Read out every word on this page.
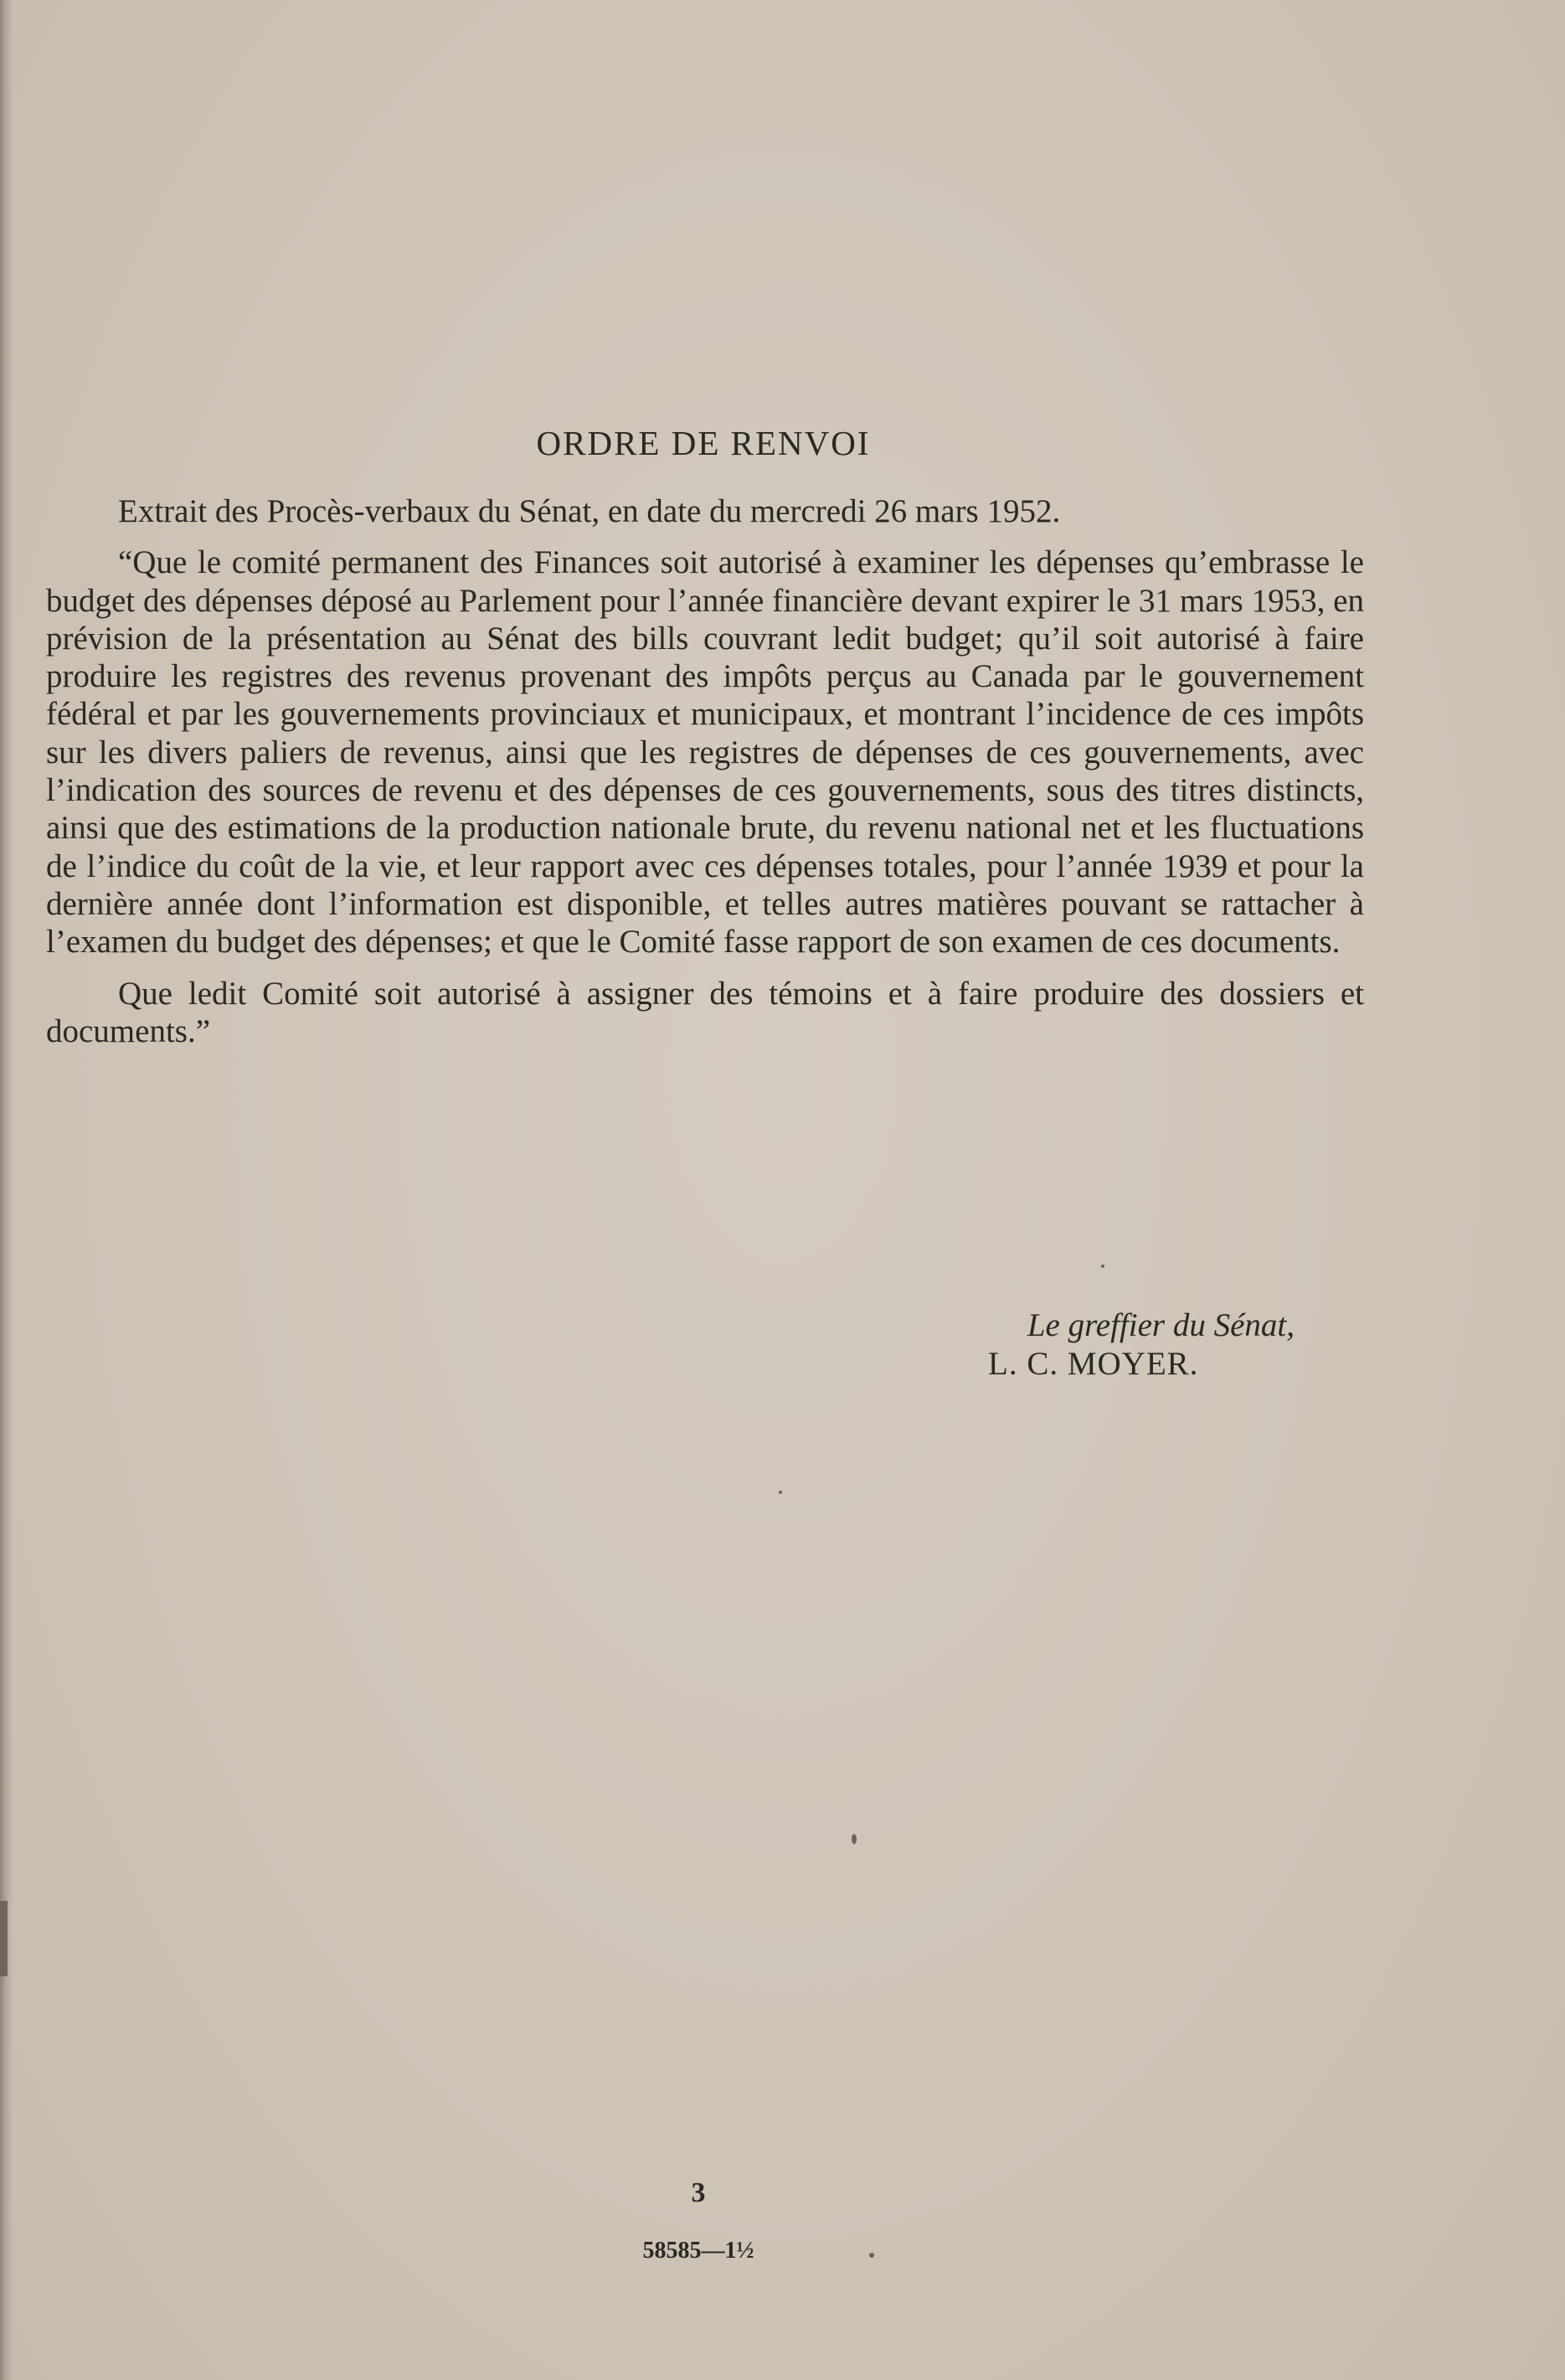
ORDRE DE RENVOI

Extrait des Procès-verbaux du Sénat, en date du mercredi 26 mars 1952.

“Que le comité permanent des Finances soit autorisé à examiner les dépenses qu’embrasse le budget des dépenses déposé au Parlement pour l’année financière devant expirer le 31 mars 1953, en prévision de la présentation au Sénat des bills couvrant ledit budget; qu’il soit autorisé à faire produire les registres des revenus provenant des impôts perçus au Canada par le gouvernement fédéral et par les gouvernements provinciaux et municipaux, et montrant l’incidence de ces impôts sur les divers paliers de revenus, ainsi que les registres de dépenses de ces gouvernements, avec l’indication des sources de revenu et des dépenses de ces gouvernements, sous des titres distincts, ainsi que des estimations de la production nationale brute, du revenu national net et les fluctuations de l’indice du coût de la vie, et leur rapport avec ces dépenses totales, pour l’année 1939 et pour la dernière année dont l’information est disponible, et telles autres matières pouvant se rattacher à l’examen du budget des dépenses; et que le Comité fasse rapport de son examen de ces documents.

Que ledit Comité soit autorisé à assigner des témoins et à faire produire des dossiers et documents.”

Le greffier du Sénat,
L. C. MOYER.
3
58585—1½
